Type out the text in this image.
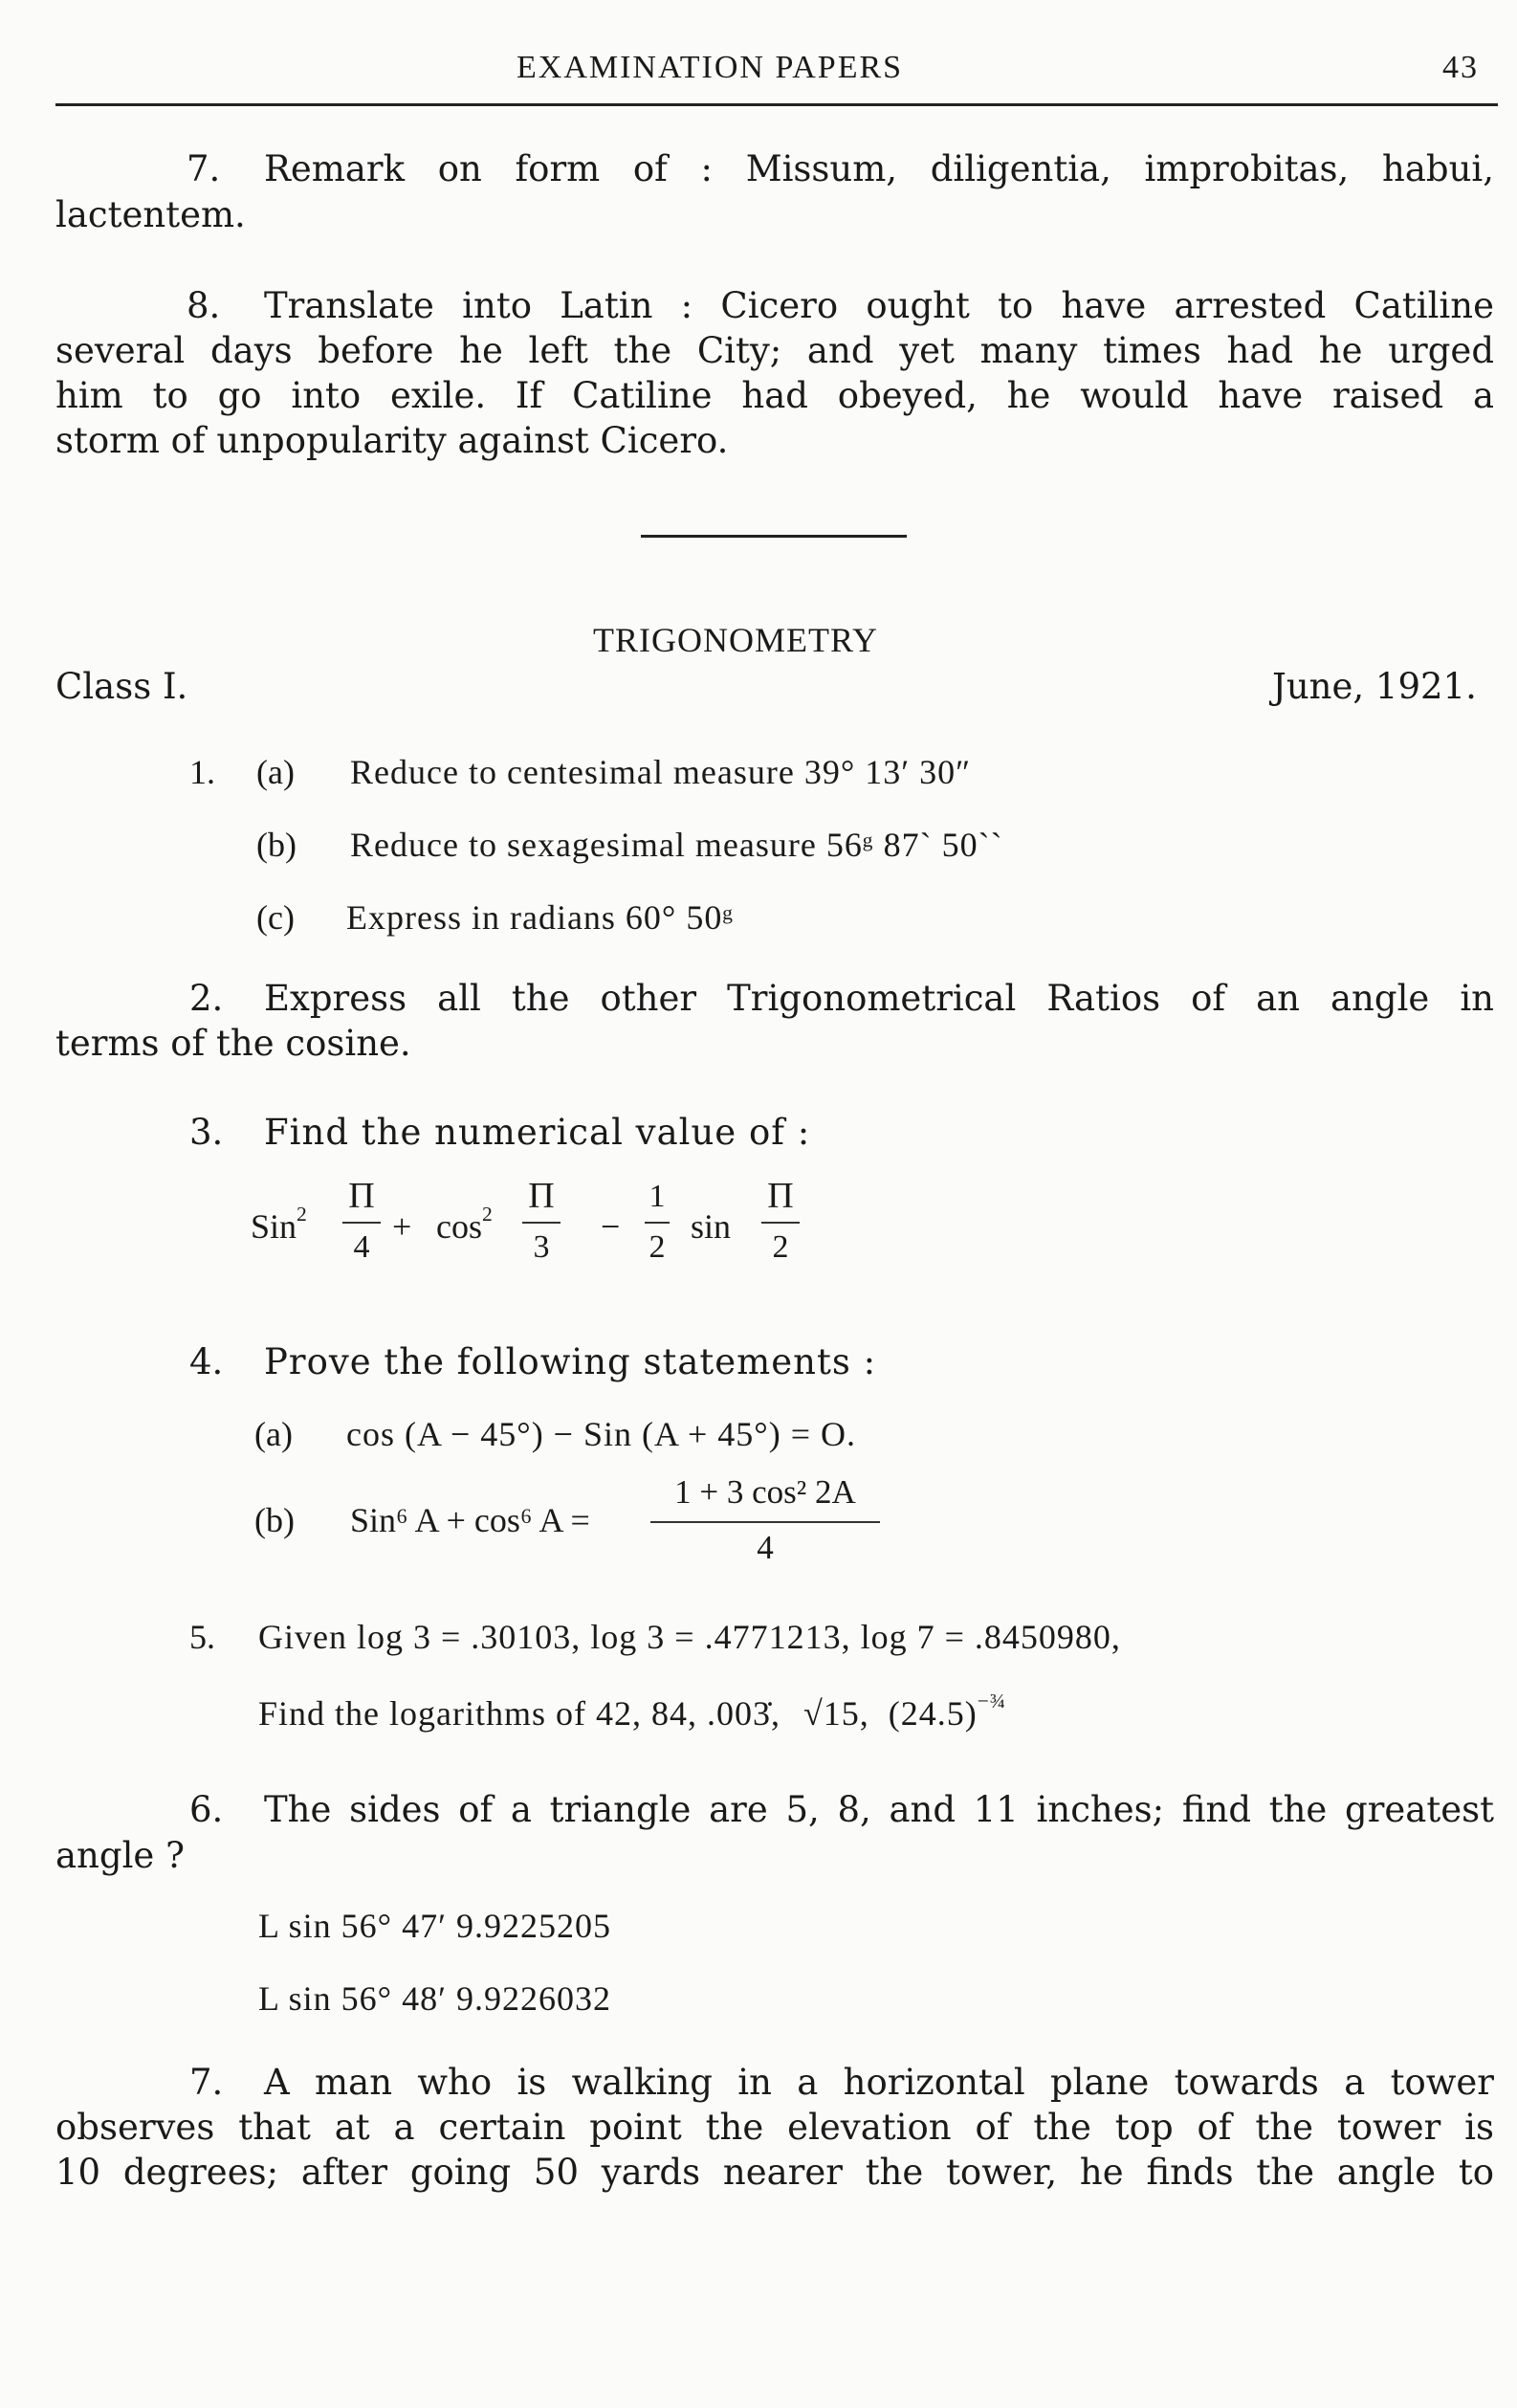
EXAMINATION PAPERS	43
7. Remark on form of : Missum, diligentia, improbitas, habui,
lactentem.
8. Translate into Latin : Cicero ought to have arrested Catiline
several days before he left the City; and yet many times had he urged
him to go into exile. If Catiline had obeyed, he would have raised a
storm of unpopularity against Cicero.
TRIGONOMETRY
Class I.	June, 1921.
1. (a) Reduce to centesimal measure 39° 13′ 30″
(b) Reduce to sexagesimal measure 56ᵍ 87` 50``
(c) Express in radians 60° 50ᵍ
2. Express all the other Trigonometrical Ratios of an angle in
terms of the cosine.
3. Find the numerical value of :
Sin$^2$ Π
4
+ $\cos^2 \Pi$
3
−
1
2
sin
Π
2
4. Prove the following statements :
(a) cos (A − 45°) − Sin (A + 45°) = O.
(b) Sin⁶ A + cos⁶ A =
1 + 3 cos² 2A
4
5. Given log 3 = .30103, log 3 = .4771213, log 7 = .8450980,
Find the logarithms of 42, 84, .003̇, √15, $(24.5)^{-\frac{3}{4}}$
6. The sides of a triangle are 5, 8, and 11 inches; find the greatest
angle ?
L sin 56° 47′ 9.9225205
L sin 56° 48′ 9.9226032
7. A man who is walking in a horizontal plane towards a tower
observes that at a certain point the elevation of the top of the tower is
10 degrees; after going 50 yards nearer the tower, he finds the angle to
